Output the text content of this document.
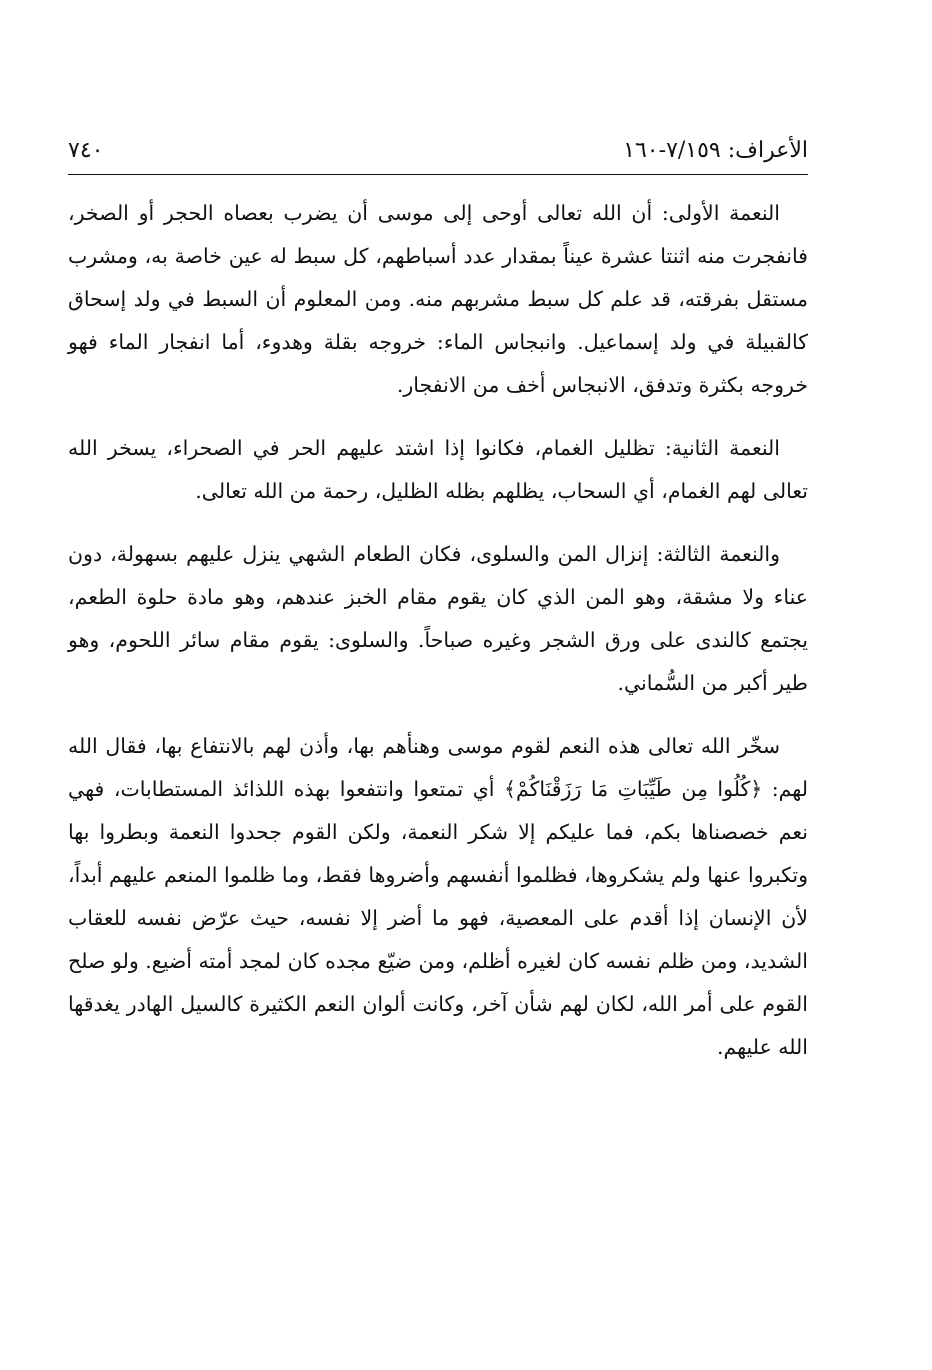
الأعراف: ٧/١٥٩-١٦٠
٧٤٠

النعمة الأولى: أن الله تعالى أوحى إلى موسى أن يضرب بعصاه الحجر أو الصخر، فانفجرت منه اثنتا عشرة عيناً بمقدار عدد أسباطهم، كل سبط له عين خاصة به، ومشرب مستقل بفرقته، قد علم كل سبط مشربهم منه. ومن المعلوم أن السبط في ولد إسحاق كالقبيلة في ولد إسماعيل. وانبجاس الماء: خروجه بقلة وهدوء، أما انفجار الماء فهو خروجه بكثرة وتدفق، الانبجاس أخف من الانفجار.

النعمة الثانية: تظليل الغمام، فكانوا إذا اشتد عليهم الحر في الصحراء، يسخر الله تعالى لهم الغمام، أي السحاب، يظلهم بظله الظليل، رحمة من الله تعالى.

والنعمة الثالثة: إنزال المن والسلوى، فكان الطعام الشهي ينزل عليهم بسهولة، دون عناء ولا مشقة، وهو المن الذي كان يقوم مقام الخبز عندهم، وهو مادة حلوة الطعم، يجتمع كالندى على ورق الشجر وغيره صباحاً. والسلوى: يقوم مقام سائر اللحوم، وهو طير أكبر من السُّماني.

سخّر الله تعالى هذه النعم لقوم موسى وهنأهم بها، وأذن لهم بالانتفاع بها، فقال الله لهم: ﴿كُلُوا مِن طَيِّبَاتِ مَا رَزَقْنَاكُمْ﴾ أي تمتعوا وانتفعوا بهذه اللذائذ المستطابات، فهي نعم خصصناها بكم، فما عليكم إلا شكر النعمة، ولكن القوم جحدوا النعمة وبطروا بها وتكبروا عنها ولم يشكروها، فظلموا أنفسهم وأضروها فقط، وما ظلموا المنعم عليهم أبداً، لأن الإنسان إذا أقدم على المعصية، فهو ما أضر إلا نفسه، حيث عرّض نفسه للعقاب الشديد، ومن ظلم نفسه كان لغيره أظلم، ومن ضيّع مجده كان لمجد أمته أضيع. ولو صلح القوم على أمر الله، لكان لهم شأن آخر، وكانت ألوان النعم الكثيرة كالسيل الهادر يغدقها الله عليهم.
